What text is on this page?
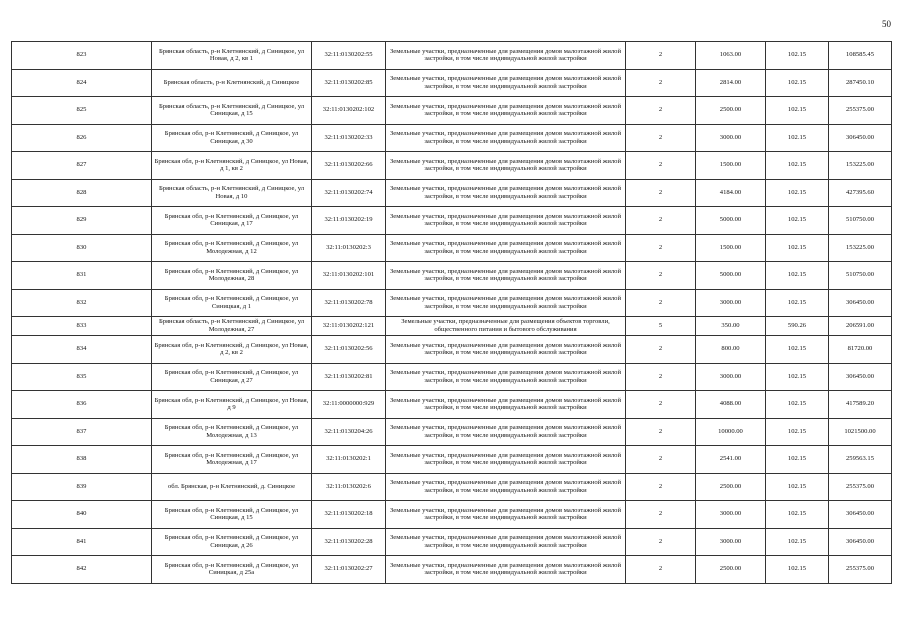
50
823	Брянская область, р-н Клетнянский, д Синицкое, ул Новая, д 2, кв 1	32:11:0130202:55	Земельные участки, предназначенные для размещения домов малоэтажной жилой застройки, в том числе индивидуальной жилой застройки	2	1063.00	102.15	108585.45
824	Брянская область, р-н Клетнянский, д Синицкое	32:11:0130202:85	Земельные участки, предназначенные для размещения домов малоэтажной жилой застройки, в том числе индивидуальной жилой застройки	2	2814.00	102.15	287450.10
825	Брянская область, р-н Клетнянский, д Синицкое, ул Синицкая, д 15	32:11:0130202:102	Земельные участки, предназначенные для размещения домов малоэтажной жилой застройки, в том числе индивидуальной жилой застройки	2	2500.00	102.15	255375.00
826	Брянская обл, р-н Клетнянский, д Синицкое, ул Синицкая, д 30	32:11:0130202:33	Земельные участки, предназначенные для размещения домов малоэтажной жилой застройки, в том числе индивидуальной жилой застройки	2	3000.00	102.15	306450.00
827	Брянская обл, р-н Клетнянский, д Синицкое, ул Новая, д 1, кв 2	32:11:0130202:66	Земельные участки, предназначенные для размещения домов малоэтажной жилой застройки, в том числе индивидуальной жилой застройки	2	1500.00	102.15	153225.00
828	Брянская область, р-н Клетнянский, д Синицкое, ул Новая, д 10	32:11:0130202:74	Земельные участки, предназначенные для размещения домов малоэтажной жилой застройки, в том числе индивидуальной жилой застройки	2	4184.00	102.15	427395.60
829	Брянская обл, р-н Клетнянский, д Синицкое, ул Синицкая, д 17	32:11:0130202:19	Земельные участки, предназначенные для размещения домов малоэтажной жилой застройки, в том числе индивидуальной жилой застройки	2	5000.00	102.15	510750.00
830	Брянская обл, р-н Клетнянский, д Синицкое, ул Молодежная, д 12	32:11:0130202:3	Земельные участки, предназначенные для размещения домов малоэтажной жилой застройки, в том числе индивидуальной жилой застройки	2	1500.00	102.15	153225.00
831	Брянская обл, р-н Клетнянский, д Синицкое, ул Молодежная, 28	32:11:0130202:101	Земельные участки, предназначенные для размещения домов малоэтажной жилой застройки, в том числе индивидуальной жилой застройки	2	5000.00	102.15	510750.00
832	Брянская обл, р-н Клетнянский, д Синицкое, ул Синицкая, д 1	32:11:0130202:78	Земельные участки, предназначенные для размещения домов малоэтажной жилой застройки, в том числе индивидуальной жилой застройки	2	3000.00	102.15	306450.00
833	Брянская область, р-н Клетнянский, д Синицкое, ул Молодежная, 27	32:11:0130202:121	Земельные участки, предназначенные для размещения объектов торговли, общественного питания и бытового обслуживания	5	350.00	590.26	206591.00
834	Брянская обл, р-н Клетнянский, д Синицкое, ул Новая, д 2, кв 2	32:11:0130202:56	Земельные участки, предназначенные для размещения домов малоэтажной жилой застройки, в том числе индивидуальной жилой застройки	2	800.00	102.15	81720.00
835	Брянская обл, р-н Клетнянский, д Синицкое, ул Синицкая, д 27	32:11:0130202:81	Земельные участки, предназначенные для размещения домов малоэтажной жилой застройки, в том числе индивидуальной жилой застройки	2	3000.00	102.15	306450.00
836	Брянская обл, р-н Клетнянский, д Синицкое, ул Новая, д 9	32:11:0000000:929	Земельные участки, предназначенные для размещения домов малоэтажной жилой застройки, в том числе индивидуальной жилой застройки	2	4088.00	102.15	417589.20
837	Брянская обл, р-н Клетнянский, д Синицкое, ул Молодежная, д 13	32:11:0130204:26	Земельные участки, предназначенные для размещения домов малоэтажной жилой застройки, в том числе индивидуальной жилой застройки	2	10000.00	102.15	1021500.00
838	Брянская обл, р-н Клетнянский, д Синицкое, ул Молодежная, д 17	32:11:0130202:1	Земельные участки, предназначенные для размещения домов малоэтажной жилой застройки, в том числе индивидуальной жилой застройки	2	2541.00	102.15	259563.15
839	обл. Брянская, р-н Клетнянский, д. Синицкое	32:11:0130202:6	Земельные участки, предназначенные для размещения домов малоэтажной жилой застройки, в том числе индивидуальной жилой застройки	2	2500.00	102.15	255375.00
840	Брянская обл, р-н Клетнянский, д Синицкое, ул Синицкая, д 15	32:11:0130202:18	Земельные участки, предназначенные для размещения домов малоэтажной жилой застройки, в том числе индивидуальной жилой застройки	2	3000.00	102.15	306450.00
841	Брянская обл, р-н Клетнянский, д Синицкое, ул Синицкая, д 26	32:11:0130202:28	Земельные участки, предназначенные для размещения домов малоэтажной жилой застройки, в том числе индивидуальной жилой застройки	2	3000.00	102.15	306450.00
842	Брянская обл, р-н Клетнянский, д Синицкое, ул Синицкая, д 25а	32:11:0130202:27	Земельные участки, предназначенные для размещения домов малоэтажной жилой застройки, в том числе индивидуальной жилой застройки	2	2500.00	102.15	255375.00
